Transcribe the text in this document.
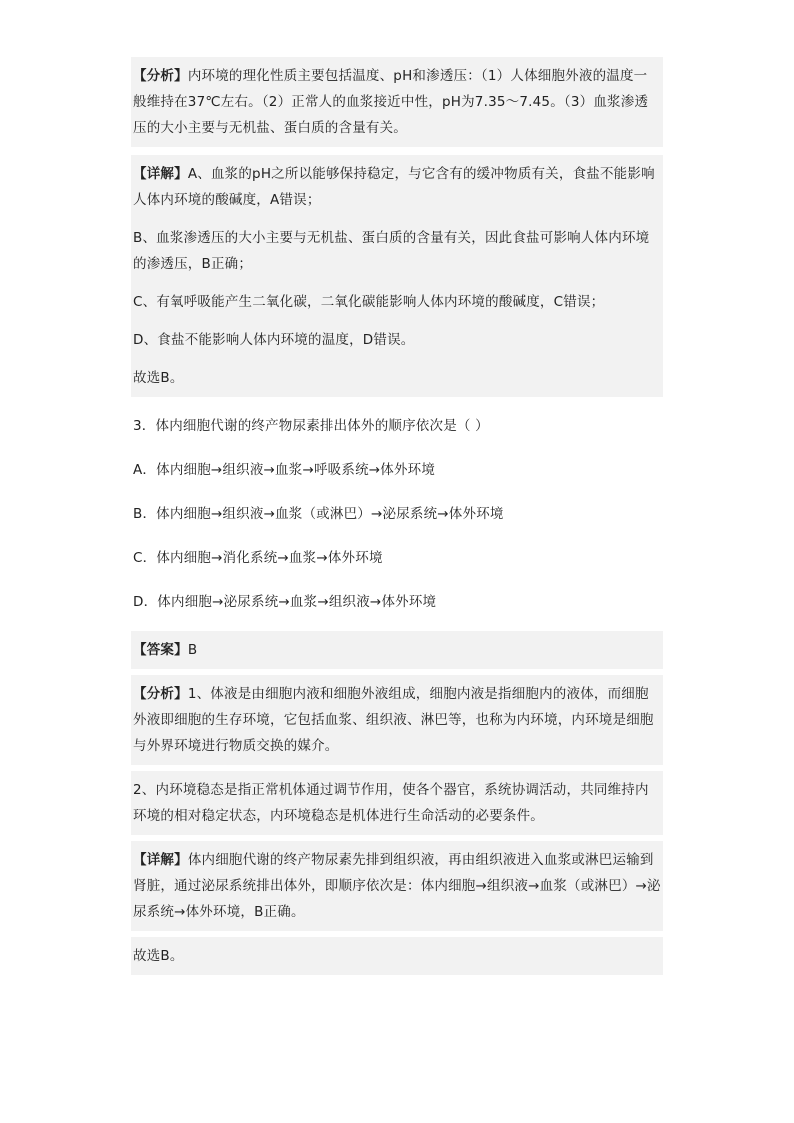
【分析】内环境的理化性质主要包括温度、pH和渗透压：（1）人体细胞外液的温度一般维持在37℃左右。（2）正常人的血浆接近中性，pH为7.35～7.45。（3）血浆渗透压的大小主要与无机盐、蛋白质的含量有关。

【详解】A、血浆的pH之所以能够保持稳定，与它含有的缓冲物质有关，食盐不能影响人体内环境的酸碱度，A错误；

B、血浆渗透压的大小主要与无机盐、蛋白质的含量有关，因此食盐可影响人体内环境的渗透压，B正确；

C、有氧呼吸能产生二氧化碳，二氧化碳能影响人体内环境的酸碱度，C错误；

D、食盐不能影响人体内环境的温度，D错误。

故选B。

3．体内细胞代谢的终产物尿素排出体外的顺序依次是（ ）

A．体内细胞→组织液→血浆→呼吸系统→体外环境

B．体内细胞→组织液→血浆（或淋巴）→泌尿系统→体外环境

C．体内细胞→消化系统→血浆→体外环境

D．体内细胞→泌尿系统→血浆→组织液→体外环境

【答案】B

【分析】1、体液是由细胞内液和细胞外液组成，细胞内液是指细胞内的液体，而细胞外液即细胞的生存环境，它包括血浆、组织液、淋巴等，也称为内环境，内环境是细胞与外界环境进行物质交换的媒介。

2、内环境稳态是指正常机体通过调节作用，使各个器官，系统协调活动，共同维持内环境的相对稳定状态，内环境稳态是机体进行生命活动的必要条件。

【详解】体内细胞代谢的终产物尿素先排到组织液，再由组织液进入血浆或淋巴运输到肾脏，通过泌尿系统排出体外，即顺序依次是：体内细胞→组织液→血浆（或淋巴）→泌尿系统→体外环境，B正确。

故选B。
